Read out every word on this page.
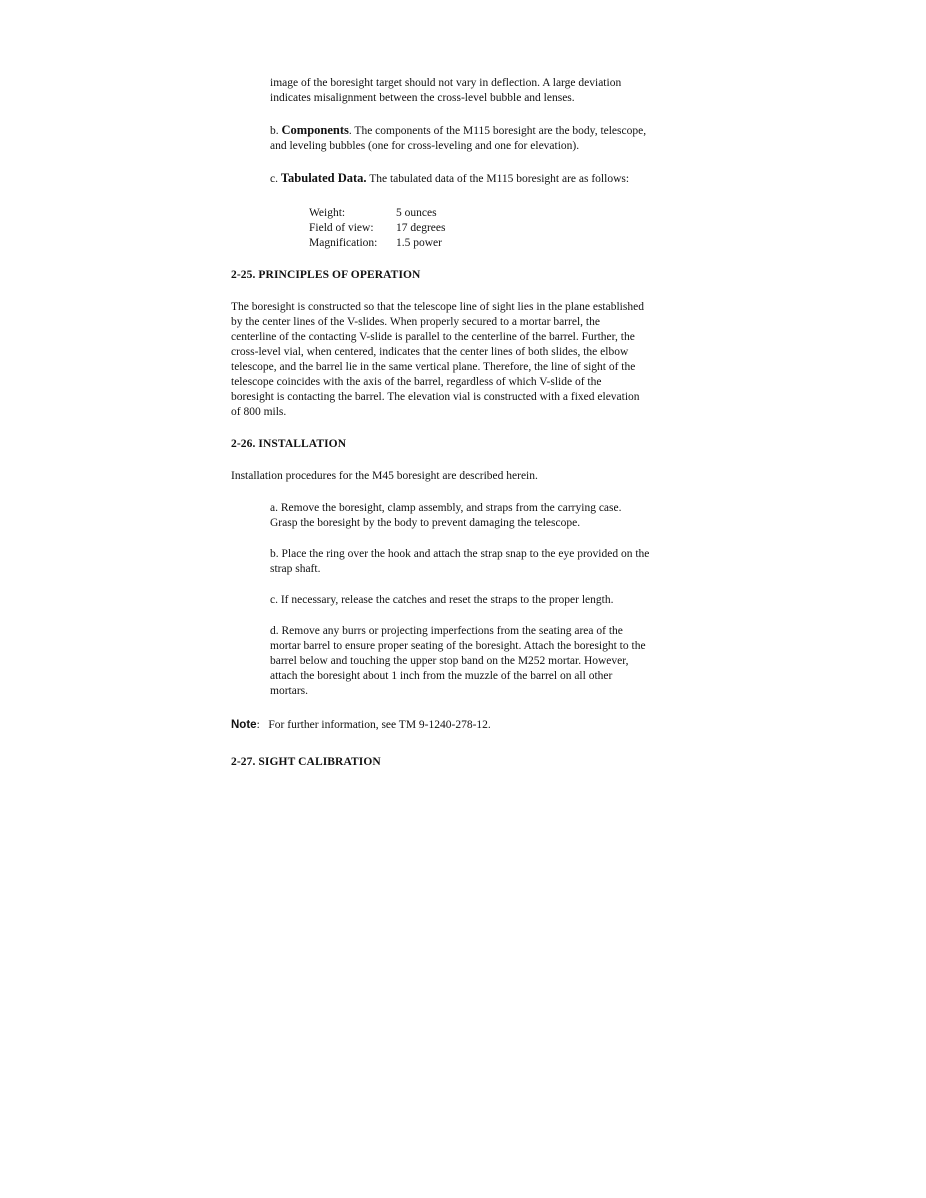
image of the boresight target should not vary in deflection. A large deviation
indicates misalignment between the cross-level bubble and lenses.

b. Components. The components of the M115 boresight are the body, telescope,
and leveling bubbles (one for cross-leveling and one for elevation).

c. Tabulated Data. The tabulated data of the M115 boresight are as follows:

Weight:	5 ounces
Field of view:	17 degrees
Magnification:	1.5 power

2-25. PRINCIPLES OF OPERATION

The boresight is constructed so that the telescope line of sight lies in the plane established
by the center lines of the V-slides. When properly secured to a mortar barrel, the
centerline of the contacting V-slide is parallel to the centerline of the barrel. Further, the
cross-level vial, when centered, indicates that the center lines of both slides, the elbow
telescope, and the barrel lie in the same vertical plane. Therefore, the line of sight of the
telescope coincides with the axis of the barrel, regardless of which V-slide of the
boresight is contacting the barrel. The elevation vial is constructed with a fixed elevation
of 800 mils.

2-26. INSTALLATION

Installation procedures for the M45 boresight are described herein.

a. Remove the boresight, clamp assembly, and straps from the carrying case.
Grasp the boresight by the body to prevent damaging the telescope.

b. Place the ring over the hook and attach the strap snap to the eye provided on the
strap shaft.

c. If necessary, release the catches and reset the straps to the proper length.

d. Remove any burrs or projecting imperfections from the seating area of the
mortar barrel to ensure proper seating of the boresight. Attach the boresight to the
barrel below and touching the upper stop band on the M252 mortar. However,
attach the boresight about 1 inch from the muzzle of the barrel on all other
mortars.

Note:   For further information, see TM 9-1240-278-12.

2-27. SIGHT CALIBRATION
